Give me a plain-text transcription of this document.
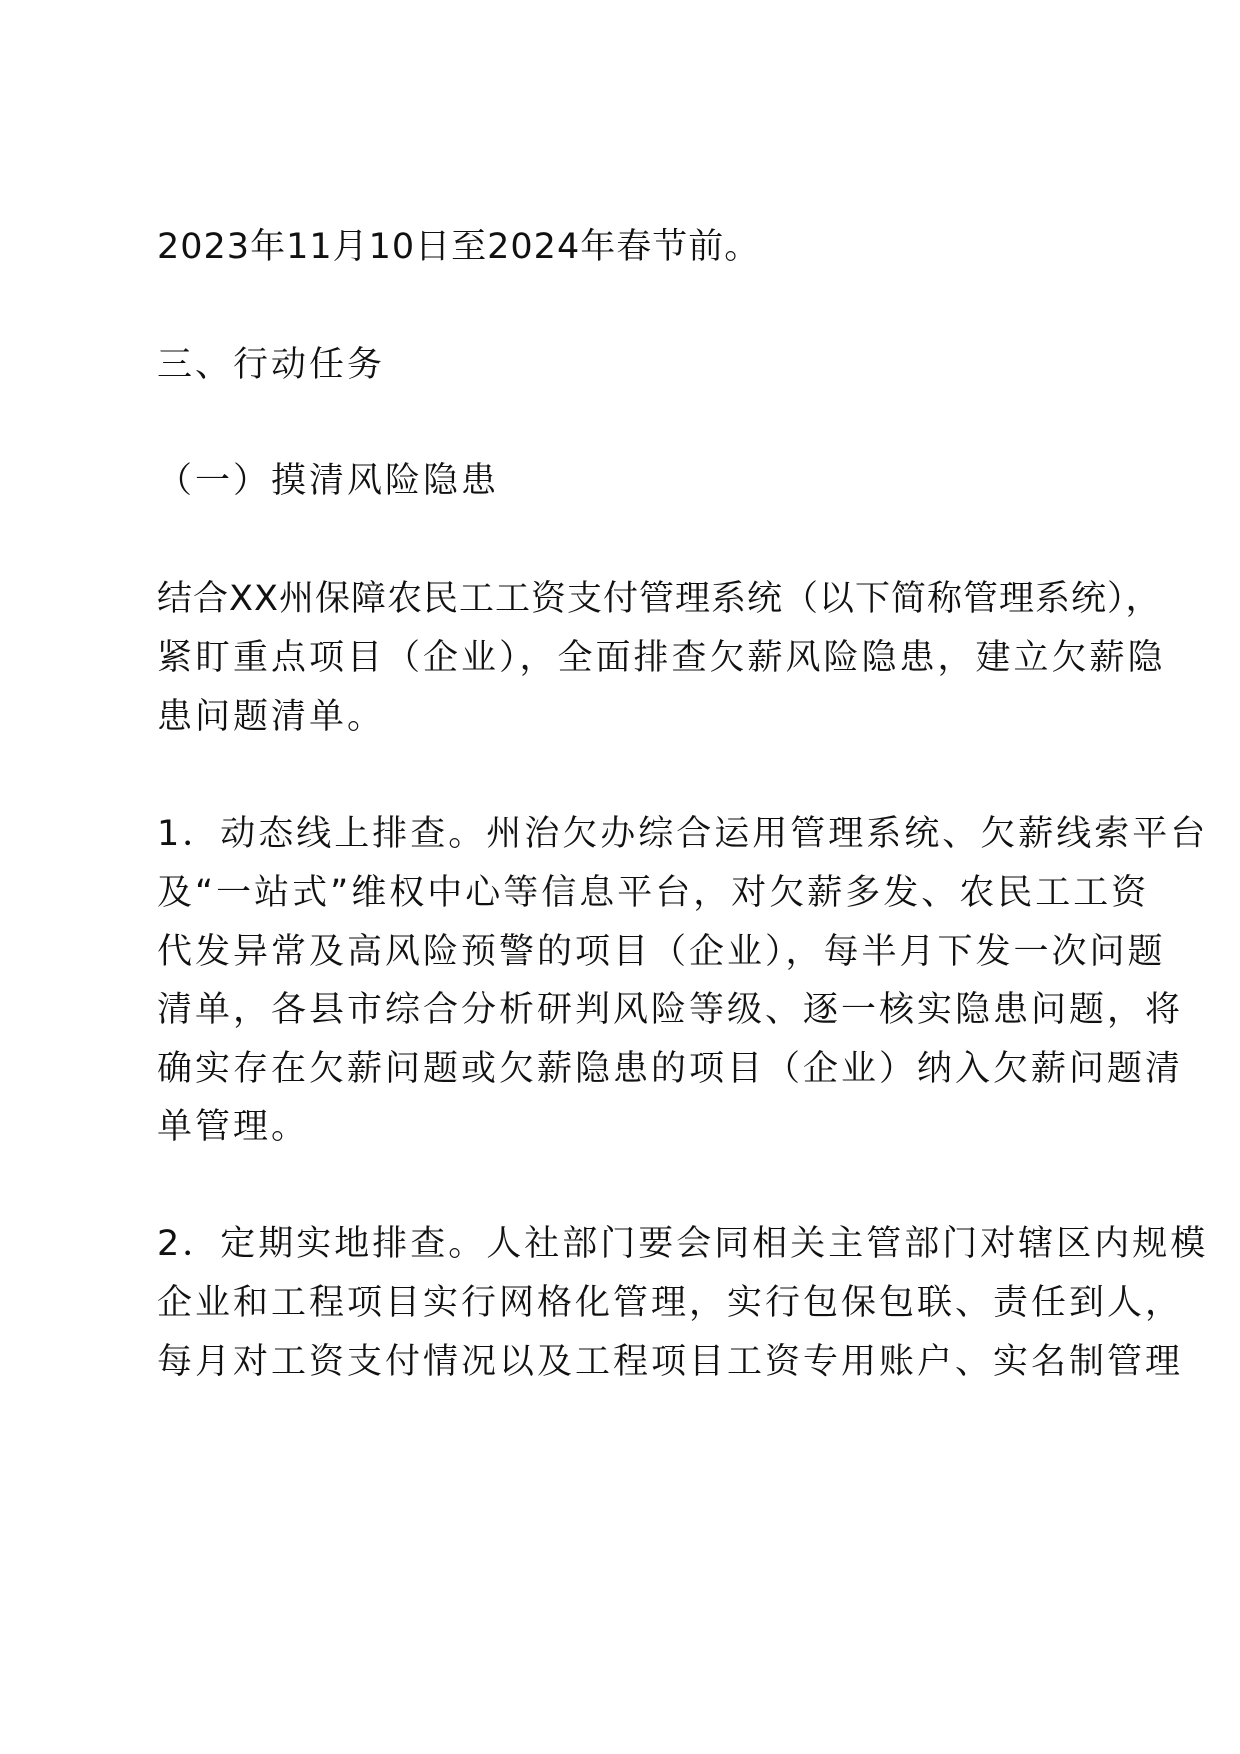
2023年11月10日至2024年春节前。
三、行动任务
（一）摸清风险隐患
结合XX州保障农民工工资支付管理系统（以下简称管理系统），
紧盯重点项目（企业），全面排查欠薪风险隐患，建立欠薪隐
患问题清单。
1．动态线上排查。州治欠办综合运用管理系统、欠薪线索平台
及“一站式”维权中心等信息平台，对欠薪多发、农民工工资
代发异常及高风险预警的项目（企业），每半月下发一次问题
清单，各县市综合分析研判风险等级、逐一核实隐患问题，将
确实存在欠薪问题或欠薪隐患的项目（企业）纳入欠薪问题清
单管理。
2．定期实地排查。人社部门要会同相关主管部门对辖区内规模
企业和工程项目实行网格化管理，实行包保包联、责任到人，
每月对工资支付情况以及工程项目工资专用账户、实名制管理
